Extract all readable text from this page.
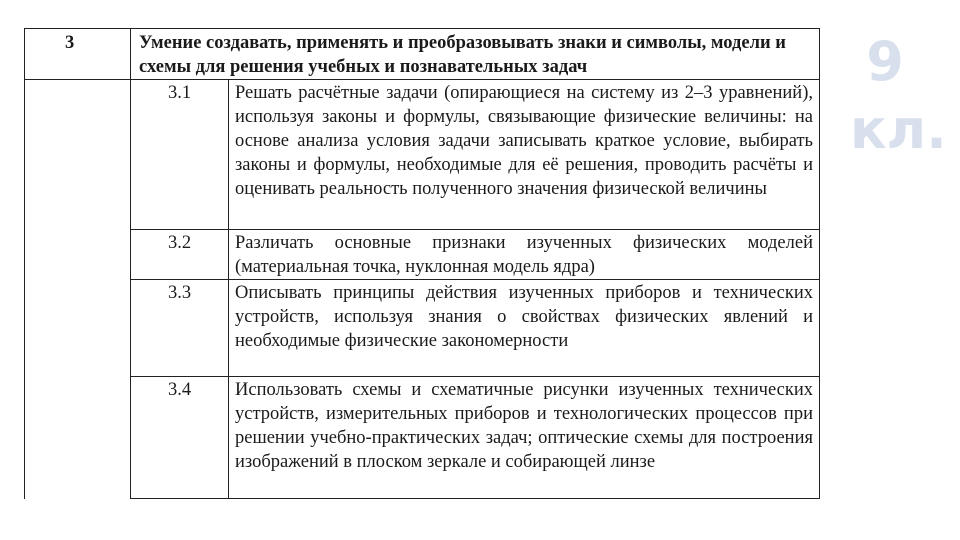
3	Умение создавать, применять и преобразовывать знаки и символы, модели и схемы для решения учебных и познавательных задач	
	3.1	Решать расчётные задачи (опирающиеся на систему из 2–3 уравнений), используя законы и формулы, связывающие физические величины: на основе анализа условия задачи записывать краткое условие, выбирать законы и формулы, необходимые для её решения, проводить расчёты и оценивать реальность полученного значения физической величины
	3.2	Различать основные признаки изученных физических моделей (материальная точка, нуклонная модель ядра)
	3.3	Описывать принципы действия изученных приборов и технических устройств, используя знания о свойствах физических явлений и необходимые физические закономерности
	3.4	Использовать схемы и схематичные рисунки изученных технических устройств, измерительных приборов и технологических процессов при решении учебно-практических задач; оптические схемы для построения изображений в плоском зеркале и собирающей линзе
9
кл.
